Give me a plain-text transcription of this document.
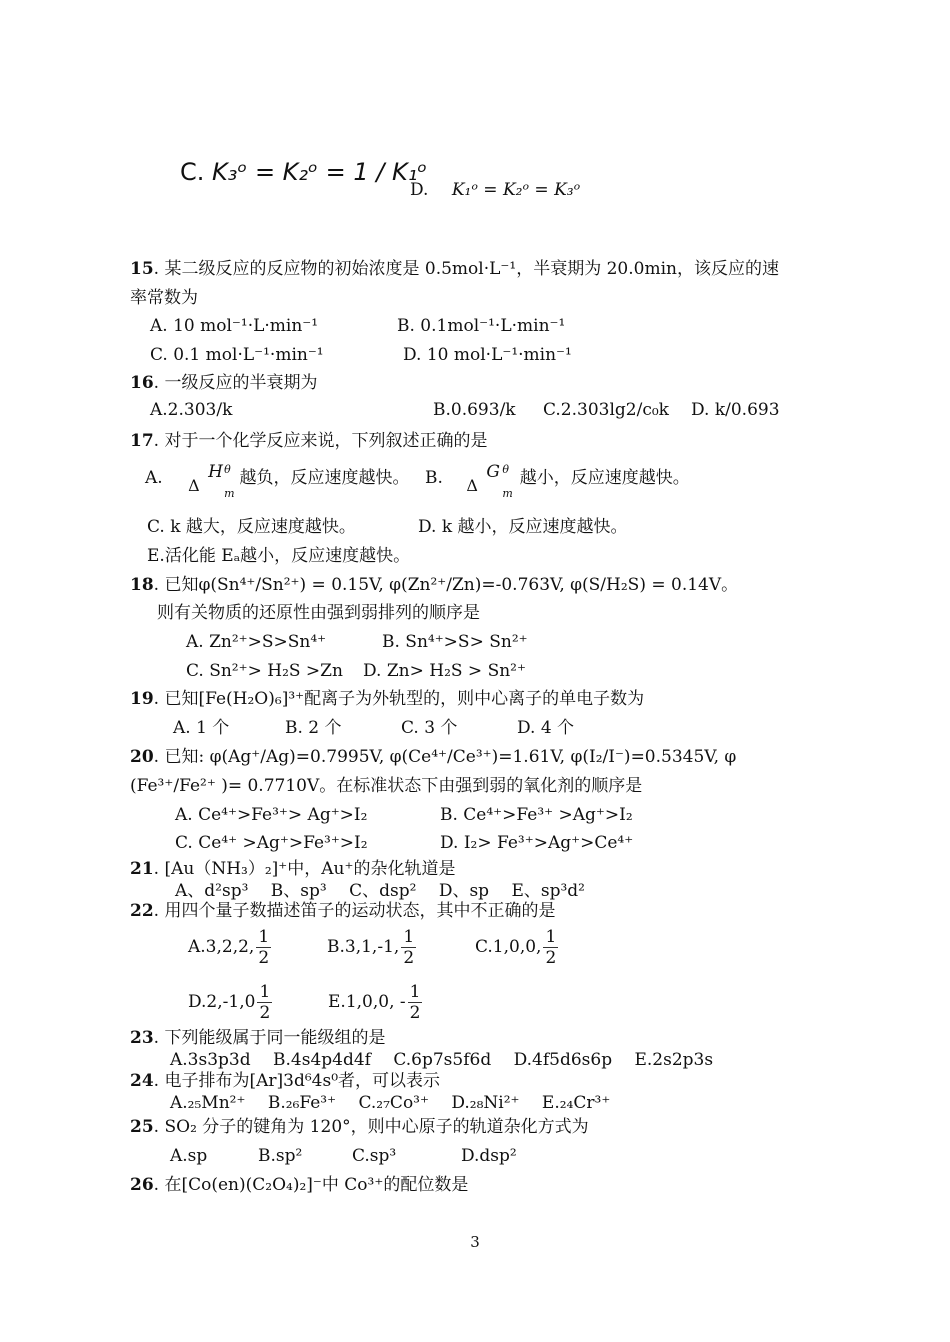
C. K₃ᵒ = K₂ᵒ = 1 / K₁ᵒ
D. K₁ᵒ = K₂ᵒ = K₃ᵒ
15. 某二级反应的反应物的初始浓度是 0.5mol·L⁻¹，半衰期为 20.0min，该反应的速
率常数为
A. 10 mol⁻¹·L·min⁻¹	B. 0.1mol⁻¹·L·min⁻¹
C. 0.1 mol·L⁻¹·min⁻¹	D. 10 mol·L⁻¹·min⁻¹
16. 一级反应的半衰期为
A.2.303/k	B.0.693/k C.2.303lg2/c₀k D. k/0.693
17. 对于一个化学反应来说，下列叙述正确的是
A. Δ
H θ
m
越负，反应速度越快。 B. Δ
G θ
m
越小，反应速度越快。
C. k 越大，反应速度越快。	D. k 越小，反应速度越快。
E.活化能 Eₐ越小，反应速度越快。
18. 已知φ(Sn⁴⁺/Sn²⁺) = 0.15V, φ(Zn²⁺/Zn)=-0.763V, φ(S/H₂S) = 0.14V。
则有关物质的还原性由强到弱排列的顺序是
A. Zn²⁺>S>Sn⁴⁺	B. Sn⁴⁺>S> Sn²⁺
C. Sn²⁺> H₂S >Zn D. Zn> H₂S > Sn²⁺
19. 已知[Fe(H₂O)₆]³⁺配离子为外轨型的，则中心离子的单电子数为
A. 1 个	B. 2 个	C. 3 个	D. 4 个
20. 已知: φ(Ag⁺/Ag)=0.7995V, φ(Ce⁴⁺/Ce³⁺)=1.61V, φ(I₂/I⁻)=0.5345V, φ
(Fe³⁺/Fe²⁺ )= 0.7710V。在标准状态下由强到弱的氧化剂的顺序是
A. Ce⁴⁺>Fe³⁺> Ag⁺>I₂	B. Ce⁴⁺>Fe³⁺ >Ag⁺>I₂
C. Ce⁴⁺ >Ag⁺>Fe³⁺>I₂	D. I₂> Fe³⁺>Ag⁺>Ce⁴⁺
21. [Au（NH₃）₂]⁺中，Au⁺的杂化轨道是
A、d²sp³　 B、sp³　 C、dsp²　 D、sp　 E、sp³d²
22. 用四个量子数描述笛子的运动状态，其中不正确的是
A.3,2,2, $\frac{1}{2}$	B.3,1,-1, $\frac{1}{2}$	C.1,0,0, $\frac{1}{2}$
$D.2,-1,0 \frac{1}{2}$	E.1,0,0, - $\frac{1}{2}$
23. 下列能级属于同一能级组的是
A.3s3p3d　 B.4s4p4d4f　 C.6p7s5f6d　 D.4f5d6s6p　 E.2s2p3s
24. 电子排布为[Ar]3d⁶4s⁰者，可以表示
A.₂₅Mn²⁺　 B.₂₆Fe³⁺　 C.₂₇Co³⁺　 D.₂₈Ni²⁺　 E.₂₄Cr³⁺
25. SO₂ 分子的键角为 120°，则中心原子的轨道杂化方式为
A.sp	B.sp²	C.sp³	D.dsp²
26. 在[Co(en)(C₂O₄)₂]⁻中 Co³⁺的配位数是
3
